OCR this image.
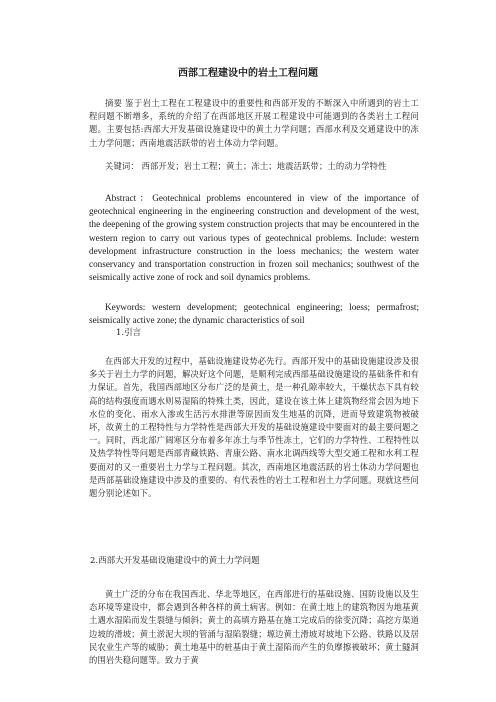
西部工程建设中的岩土工程问题
摘要 鉴于岩土工程在工程建设中的重要性和西部开发的不断深入中所遇到的岩土工程问题不断增多，系统的介绍了在西部地区开展工程建设中可能遇到的各类岩土工程问题。主要包括:西部大开发基础设施建设中的黄土力学问题；西部水利及交通建设中的冻土力学问题；西南地震活跃带的岩土体动力学问题。
关键词： 西部开发；岩土工程；黄土；冻土；地震活跃带；土的动力学特性
Abstract：Geotechnical problems encountered in view of the importance of geotechnical engineering in the engineering construction and development of the west, the deepening of the growing system construction projects that may be encountered in the western region to carry out various types of geotechnical problems. Include: western development infrastructure construction in the loess mechanics; the western water conservancy and transportation construction in frozen soil mechanics; southwest of the seismically active zone of rock and soil dynamics problems.
Keywords: western development; geotechnical engineering; loess; permafrost; seismically active zone; the dynamic characteristics of soil
1.引言
在西部大开发的过程中，基础设施建设势必先行。西部开发中的基础设施建设涉及很多关于岩土力学的问题，解决好这个问题，是顺利完成西部基础设施建设的基础条件和有力保证。首先，我国西部地区分布广泛的是黄土，是一种孔隙率较大，干燥状态下具有较高的结构强度而遇水则易湿陷的特殊土类，因此，建设在该土体上建筑物经常会因为地下水位的变化、雨水入渗或生活污水排泄等原因而发生地基的沉降，进而导致建筑物被破坏，故黄土的工程特性与力学特性是西部大开发的基础设施建设中要面对的最主要问题之一。同时，西北部广阔寒区分布着多年冻土与季节性冻土，它们的力学特性、工程特性以及热学特性等问题是西部青藏铁路、青康公路、南水北调西线等大型交通工程和水利工程要面对的又一重要岩土力学与工程问题。其次，西南地区地震活跃的岩土体动力学问题也是西部基础设施建设中涉及的重要的、有代表性的岩土工程和岩土力学问题。现就这些问题分别论述如下。
2.西部大开发基础设施建设中的黄土力学问题
黄土广泛的分布在我国西北、华北等地区，在西部进行的基础设施、国防设施以及生态环境等建设中，都会遇到各种各样的黄土病害。例如：在黄土地上的建筑物因为地基黄土遇水湿陷而发生裂缝与倾斜；黄土的高填方路基在施工完成后的徐变沉降；高挖方渠道边坡的滑坡；黄土淤泥大坝的管涌与湿陷裂缝；塬边黄土滑坡对坡地下公路、铁路以及居民农业生产等的威胁；黄土地基中的桩基由于黄土湿陷而产生的负摩擦被破坏；黄土隧洞的围岩失稳问题等。致力于黄
